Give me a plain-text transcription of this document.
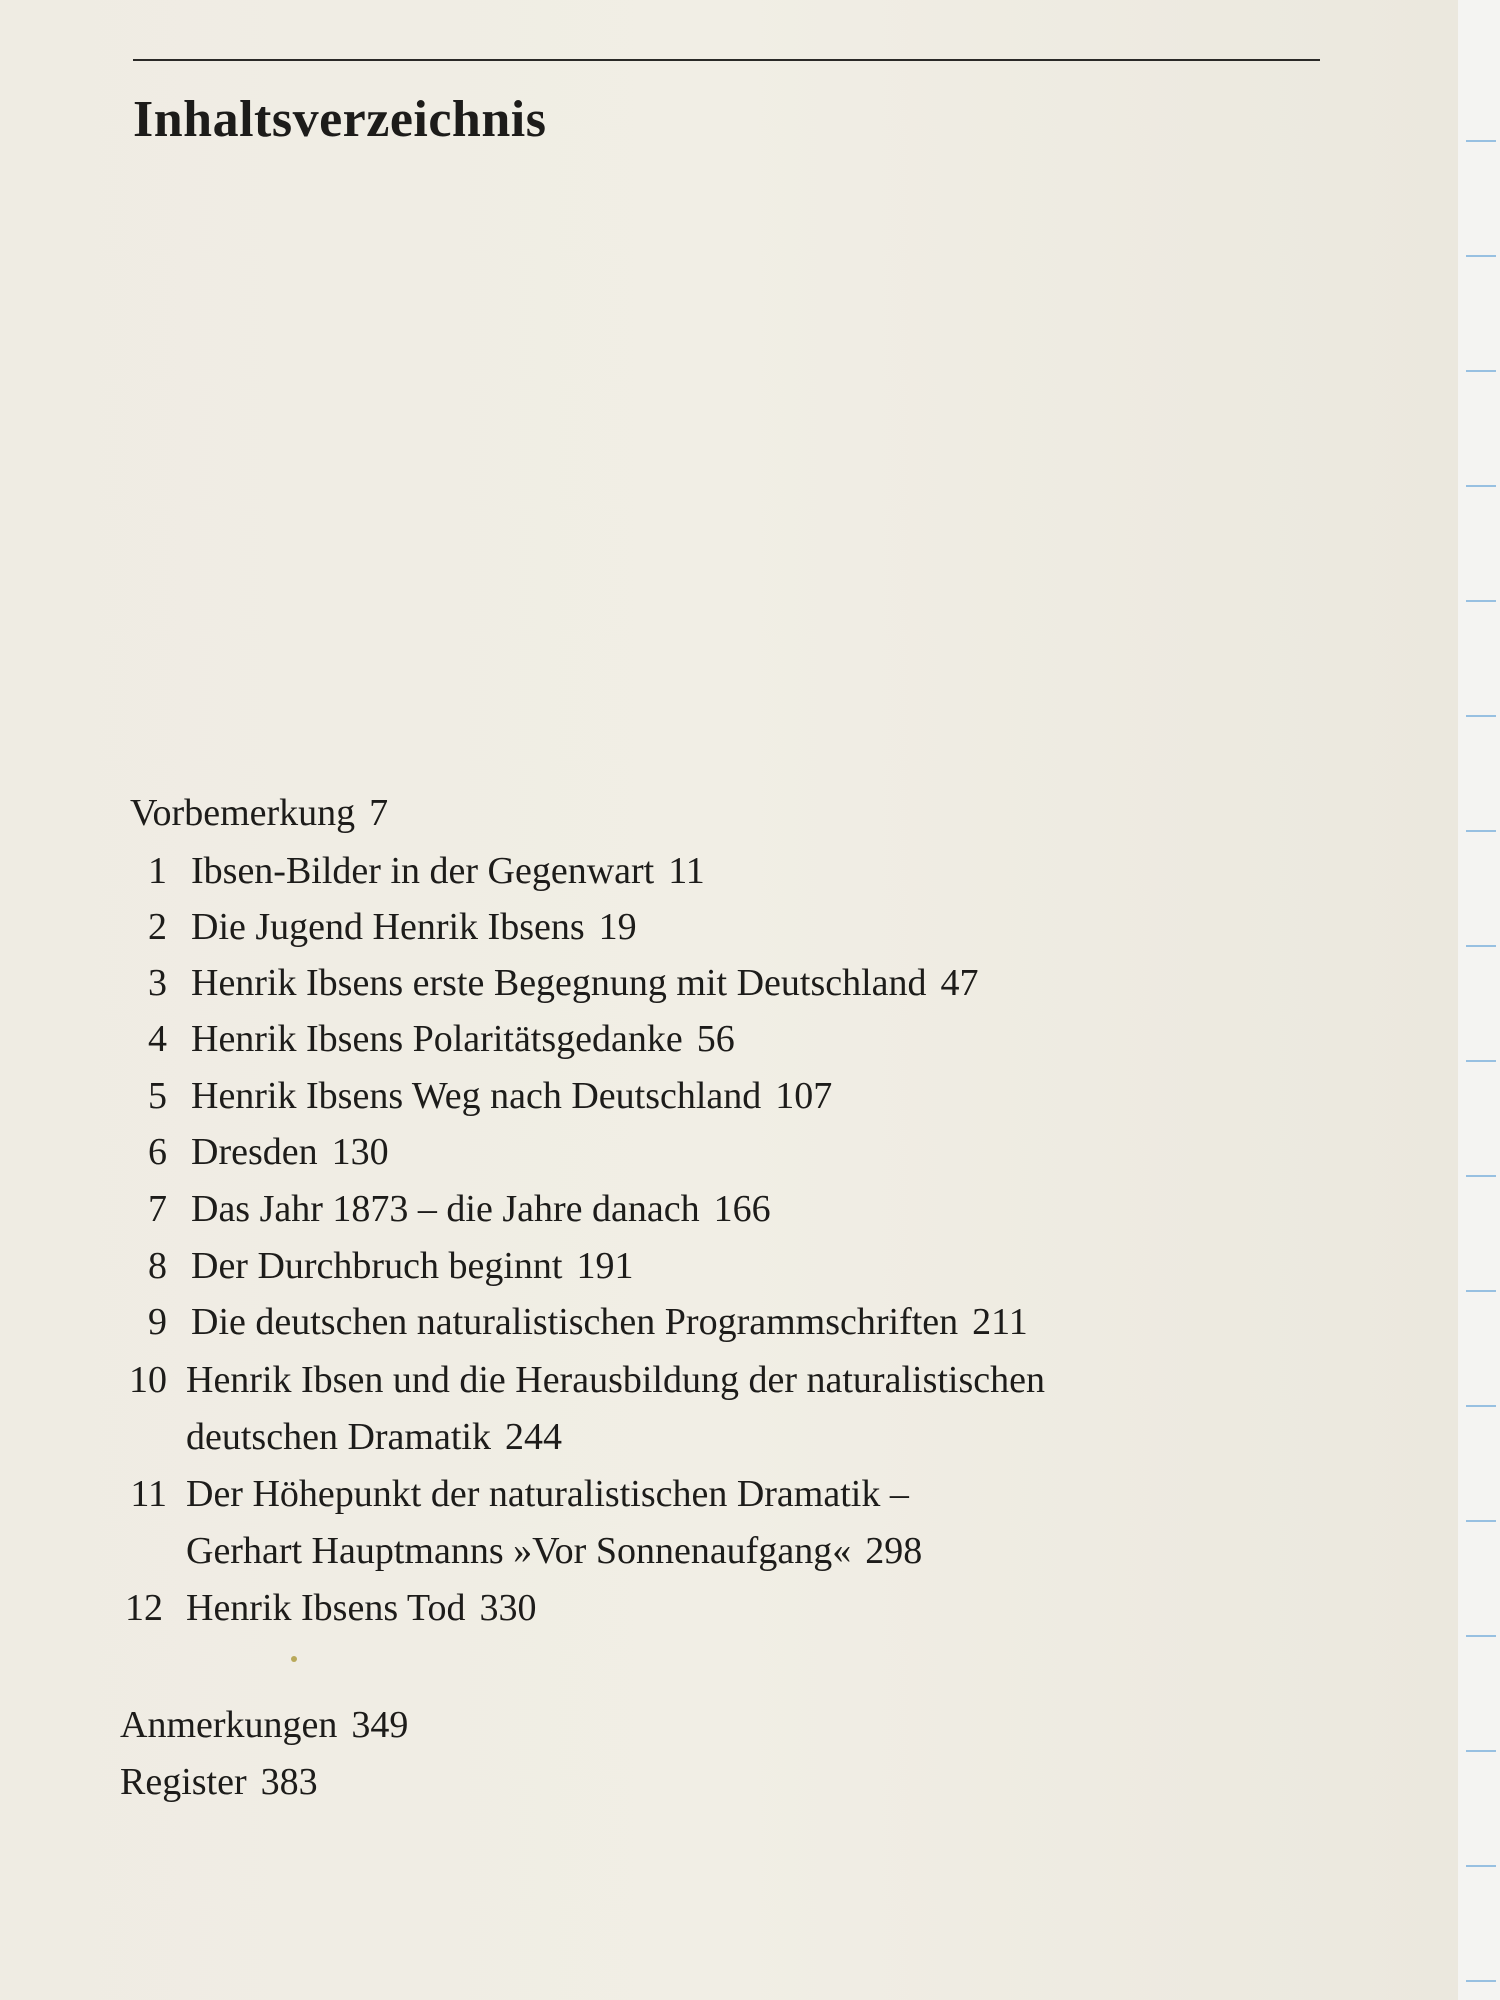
Inhaltsverzeichnis
Vorbemerkung 7
1 Ibsen-Bilder in der Gegenwart 11
2 Die Jugend Henrik Ibsens 19
3 Henrik Ibsens erste Begegnung mit Deutschland 47
4 Henrik Ibsens Polaritätsgedanke 56
5 Henrik Ibsens Weg nach Deutschland 107
6 Dresden 130
7 Das Jahr 1873 – die Jahre danach 166
8 Der Durchbruch beginnt 191
9 Die deutschen naturalistischen Programmschriften 211
10 Henrik Ibsen und die Herausbildung der naturalistischen
deutschen Dramatik 244
11 Der Höhepunkt der naturalistischen Dramatik –
Gerhart Hauptmanns »Vor Sonnenaufgang« 298
12 Henrik Ibsens Tod 330
Anmerkungen 349
Register 383
